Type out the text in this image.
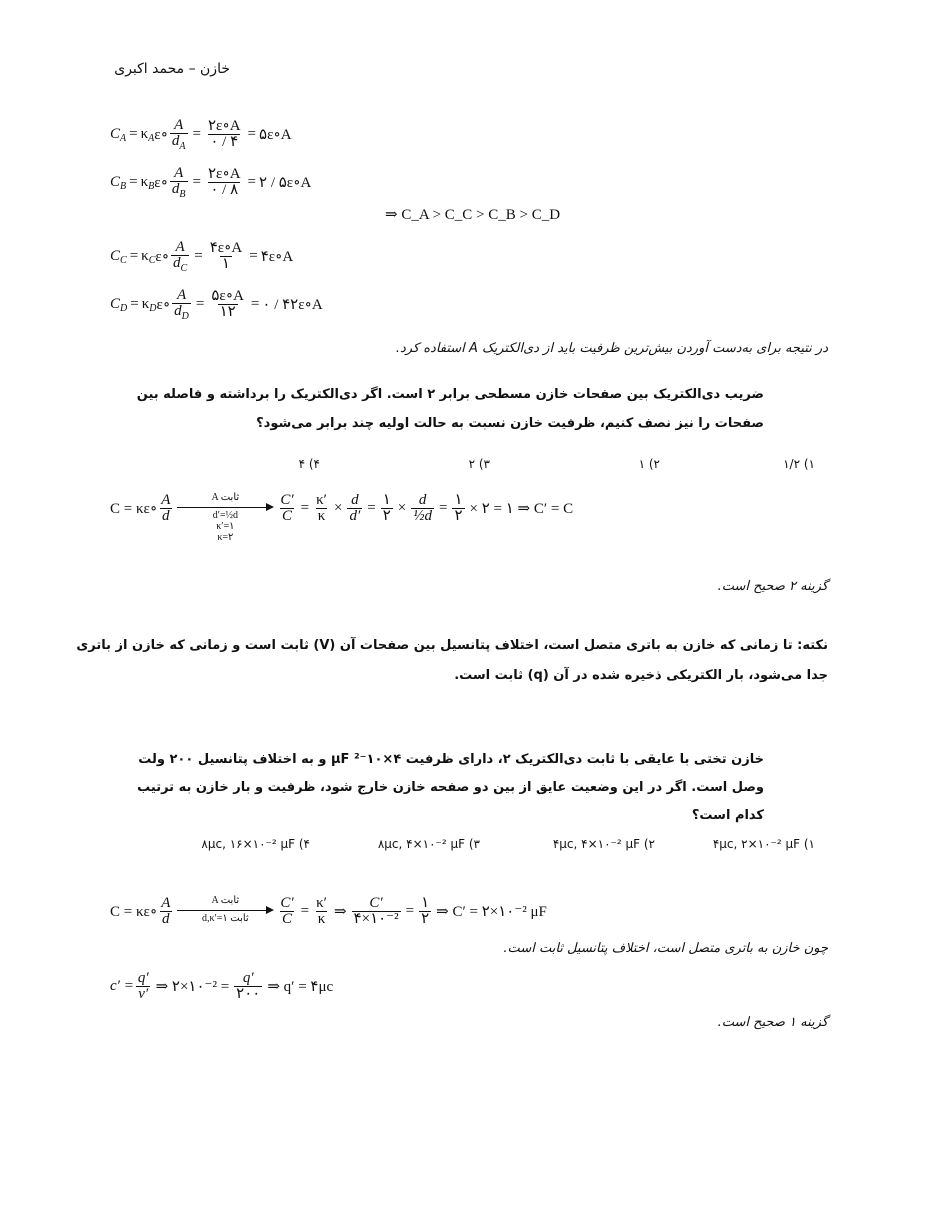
خازن – محمد اکبری
C A = κ A ε∘ $\frac{A}{d_A} = \frac{۲\varepsilon\circ A}{۰ / ۴}$ = ۵ε∘A
C B = κ B ε∘ $\frac{A}{d_B} = \frac{۲\varepsilon\circ A}{۰ / ۸}$ = ۲ / ۵ε∘A
⇒ C_A > C_C > C_B > C_D
C C = κ C ε∘ $\frac{A}{d_C} = \frac{۴\varepsilon\circ A}{۱}$ = ۴ε∘A
C D = κ D ε∘ $\frac{A}{d_D} = \frac{۵\varepsilon\circ A}{۱۲}$ = ۰ / ۴۲ε∘A
در نتیجه برای به‌دست آوردن بیش‌ترین ظرفیت باید از دی‌الکتریک A استفاده کرد.
ضریب دی‌الکتریک بین صفحات خازن مسطحی برابر ۲ است. اگر دی‌الکتریک را برداشته و فاصله بین
صفحات را نیز نصف کنیم، ظرفیت خازن نسبت به حالت اولیه چند برابر می‌شود؟
۱) ۱/۲
۲) ۱
۳) ۲
۴) ۴
C = κε∘ $\frac{A}{d}$	A ثابت
d′=½d
κ′=۱
κ=۲
$\frac{C'}{C} = \frac{\kappa'}{\kappa} \times \frac{d}{d'} = \frac{۱}{۲} \times \frac{d}{\text{½d}} = \frac{۱}{۲}$ × ۲ = ۱ ⇒ C′ = C
گزینه ۲ صحیح است.
نکته: تا زمانی که خازن به باتری متصل است، اختلاف پتانسیل بین صفحات آن (V) ثابت است و زمانی که خازن از باتری
جدا می‌شود، بار الکتریکی ذخیره شده در آن (q) ثابت است.
خازن تختی با عایقی با ثابت دی‌الکتریک ۲، دارای ظرفیت ۴×۱۰⁻² μF و به اختلاف پتانسیل ۲۰۰ ولت
وصل است. اگر در این وضعیت عایق از بین دو صفحه خازن خارج شود، ظرفیت و بار خازن به ترتیب
کدام است؟
۱) ۴μc, ۲×۱۰⁻² μF
۲) ۴μc, ۴×۱۰⁻² μF
۳) ۸μc, ۴×۱۰⁻² μF
۴) ۸μc, ۱۶×۱۰⁻² μF
C = κε∘ $\frac{A}{d}$	A ثابت
d,κ′=۱ ثابت	$\frac{C'}{C} = \frac{\kappa'}{\kappa}$ ⇒ $\frac{C'}{\text{۴×۱۰⁻²}} = \frac{۱}{۲}$ ⇒ C′ = ۲×۱۰⁻² μF
چون خازن به باتری متصل است، اختلاف پتانسیل ثابت است.
$c' = \frac{q'}{v'}$ ⇒ ۲×۱۰⁻² = $\frac{q'}{۲۰۰}$ ⇒ q′ = ۴μc
گزینه ۱ صحیح است.
